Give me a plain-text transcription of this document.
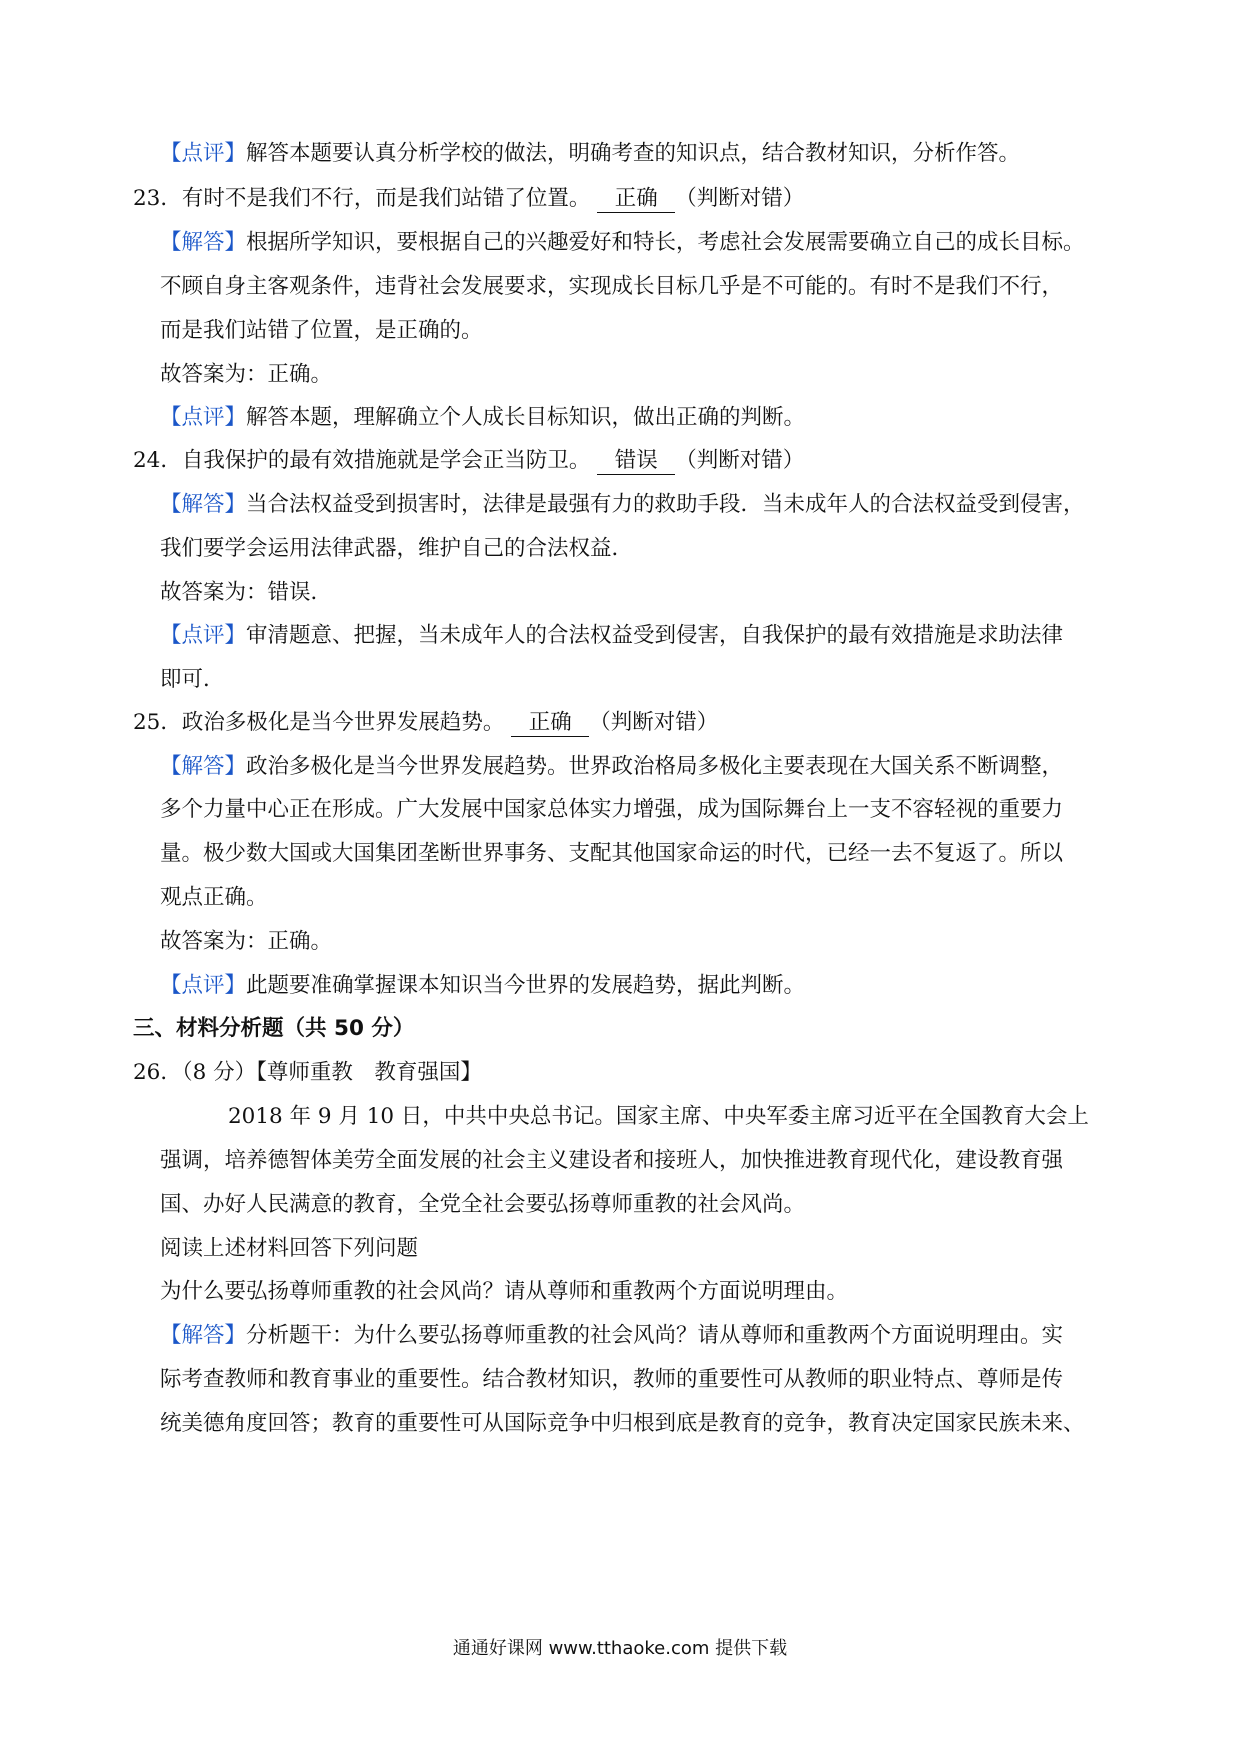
【点评】解答本题要认真分析学校的做法，明确考查的知识点，结合教材知识，分析作答。
23．有时不是我们不行，而是我们站错了位置。 正确 （判断对错）
【解答】根据所学知识，要根据自己的兴趣爱好和特长，考虑社会发展需要确立自己的成长目标。
不顾自身主客观条件，违背社会发展要求，实现成长目标几乎是不可能的。有时不是我们不行，
而是我们站错了位置，是正确的。
故答案为：正确。
【点评】解答本题，理解确立个人成长目标知识，做出正确的判断。
24．自我保护的最有效措施就是学会正当防卫。 错误 （判断对错）
【解答】当合法权益受到损害时，法律是最强有力的救助手段．当未成年人的合法权益受到侵害，
我们要学会运用法律武器，维护自己的合法权益．
故答案为：错误．
【点评】审清题意、把握，当未成年人的合法权益受到侵害，自我保护的最有效措施是求助法律
即可．
25．政治多极化是当今世界发展趋势。 正确 （判断对错）
【解答】政治多极化是当今世界发展趋势。世界政治格局多极化主要表现在大国关系不断调整，
多个力量中心正在形成。广大发展中国家总体实力增强，成为国际舞台上一支不容轻视的重要力
量。极少数大国或大国集团垄断世界事务、支配其他国家命运的时代，已经一去不复返了。所以
观点正确。
故答案为：正确。
【点评】此题要准确掌握课本知识当今世界的发展趋势，据此判断。
三、材料分析题（共 50 分）
26．（8 分）【尊师重教　教育强国】
2018 年 9 月 10 日，中共中央总书记。国家主席、中央军委主席习近平在全国教育大会上
强调，培养德智体美劳全面发展的社会主义建设者和接班人，加快推进教育现代化，建设教育强
国、办好人民满意的教育，全党全社会要弘扬尊师重教的社会风尚。
阅读上述材料回答下列问题
为什么要弘扬尊师重教的社会风尚？请从尊师和重教两个方面说明理由。
【解答】分析题干：为什么要弘扬尊师重教的社会风尚？请从尊师和重教两个方面说明理由。实
际考查教师和教育事业的重要性。结合教材知识，教师的重要性可从教师的职业特点、尊师是传
统美德角度回答；教育的重要性可从国际竞争中归根到底是教育的竞争，教育决定国家民族未来、
通通好课网 www.tthaoke.com 提供下载
